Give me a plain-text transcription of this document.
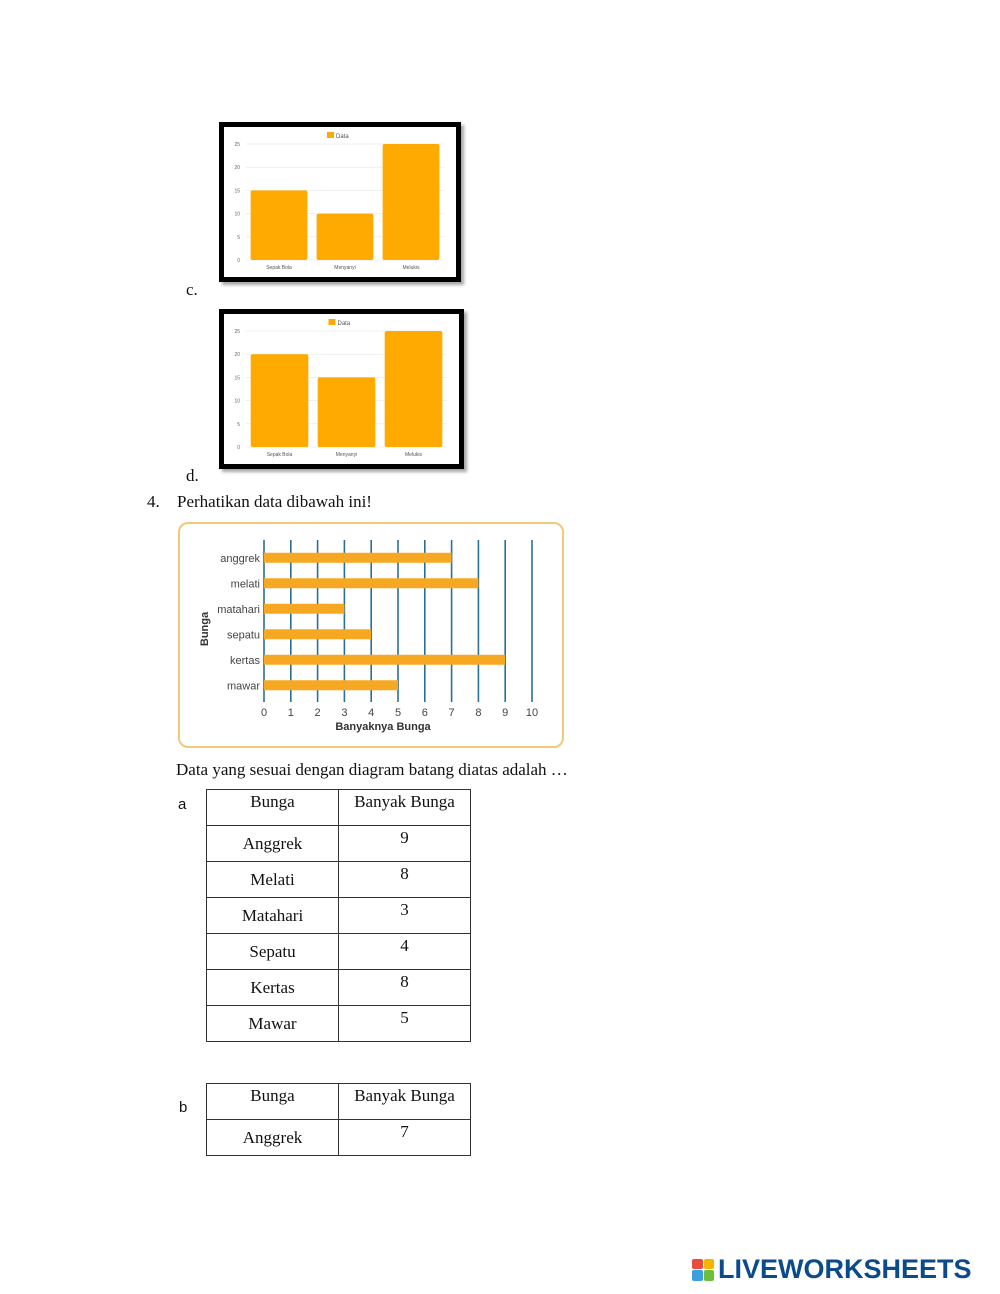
Data
0
5
10
15
20
25
Sepak Bola	Menyanyi	Melukis
c.
Data
0
5
10
15
20
25
Sepak Bola	Menyanyi	Melukis
d.
4. Perhatikan data dibawah ini!
0 1 2 3 4 5 6 7 8 9 10
anggrek
melati
matahari
sepatu
kertas
mawar
Banyaknya Bunga
Bunga
Data yang sesuai dengan diagram batang diatas adalah …
a	Bunga	Banyak Bunga
Anggrek	9
Melati	8
Matahari	3
Sepatu	4
Kertas	8
Mawar	5
b
Bunga	Banyak Bunga
Anggrek	7
LIVEWORKSHEETS
